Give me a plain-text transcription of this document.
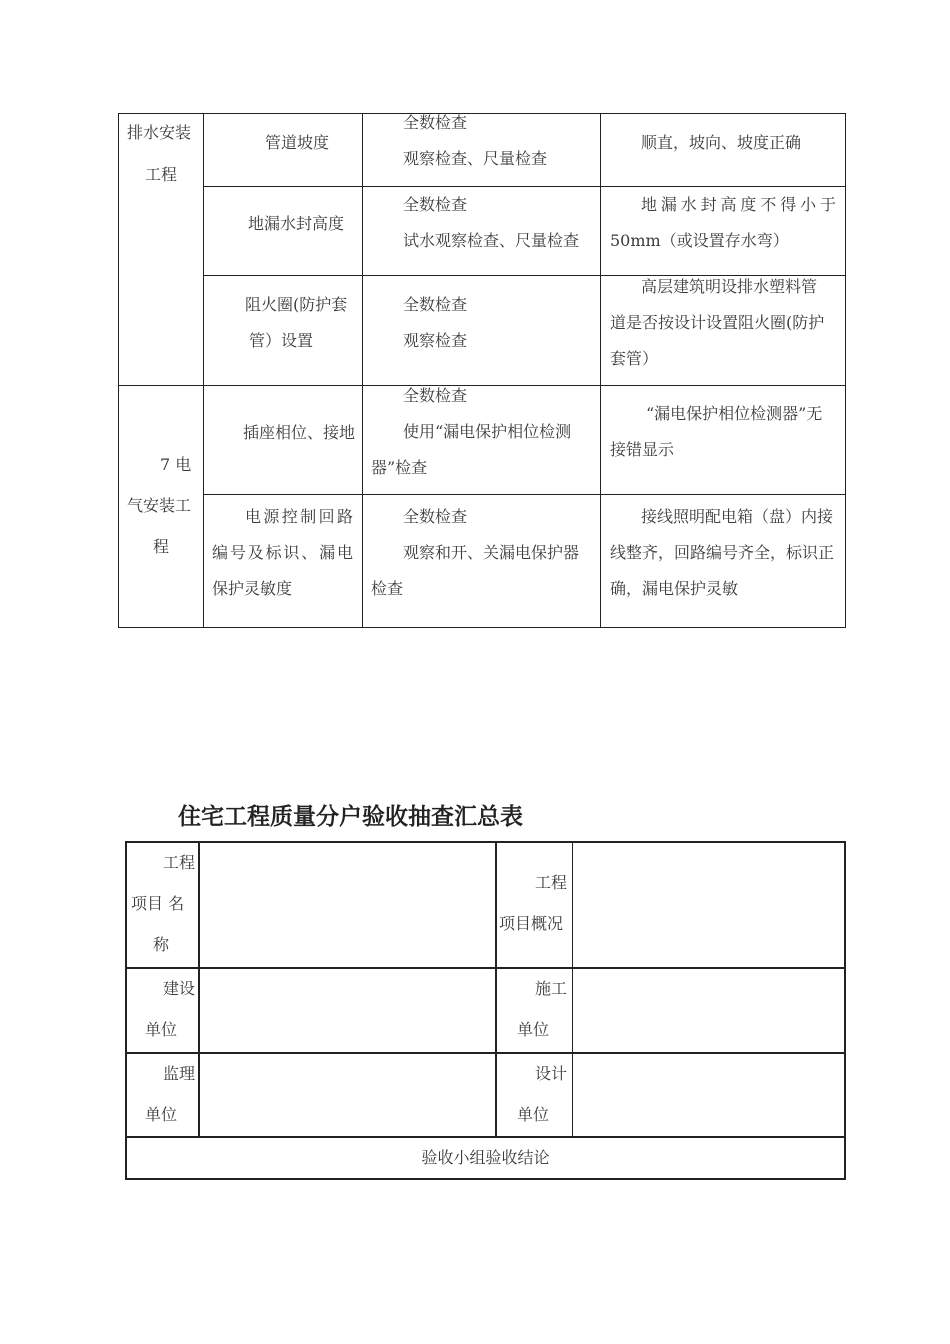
排水安装
工程
管道坡度
全数检查
观察检查、尺量检查
顺直，坡向、坡度正确
地漏水封高度
全数检查
试水观察检查、尺量检查
地漏水封高度不得小于
50mm（或设置存水弯）
阻火圈(防护套
管）设置
全数检查
观察检查
高层建筑明设排水塑料管
道是否按设计设置阻火圈(防护
套管）
7 电
气安装工
程
插座相位、接地
全数检查
使用“漏电保护相位检测
器”检查
“漏电保护相位检测器”无
接错显示
电源控制回路
编号及标识、漏电
保护灵敏度
全数检查
观察和开、关漏电保护器
检查
接线照明配电箱（盘）内接
线整齐，回路编号齐全，标识正
确，漏电保护灵敏
住宅工程质量分户验收抽查汇总表
工程
项目 名
称
工程
项目概况
建设
单位
施工
单位
监理
单位
设计
单位
验收小组验收结论
